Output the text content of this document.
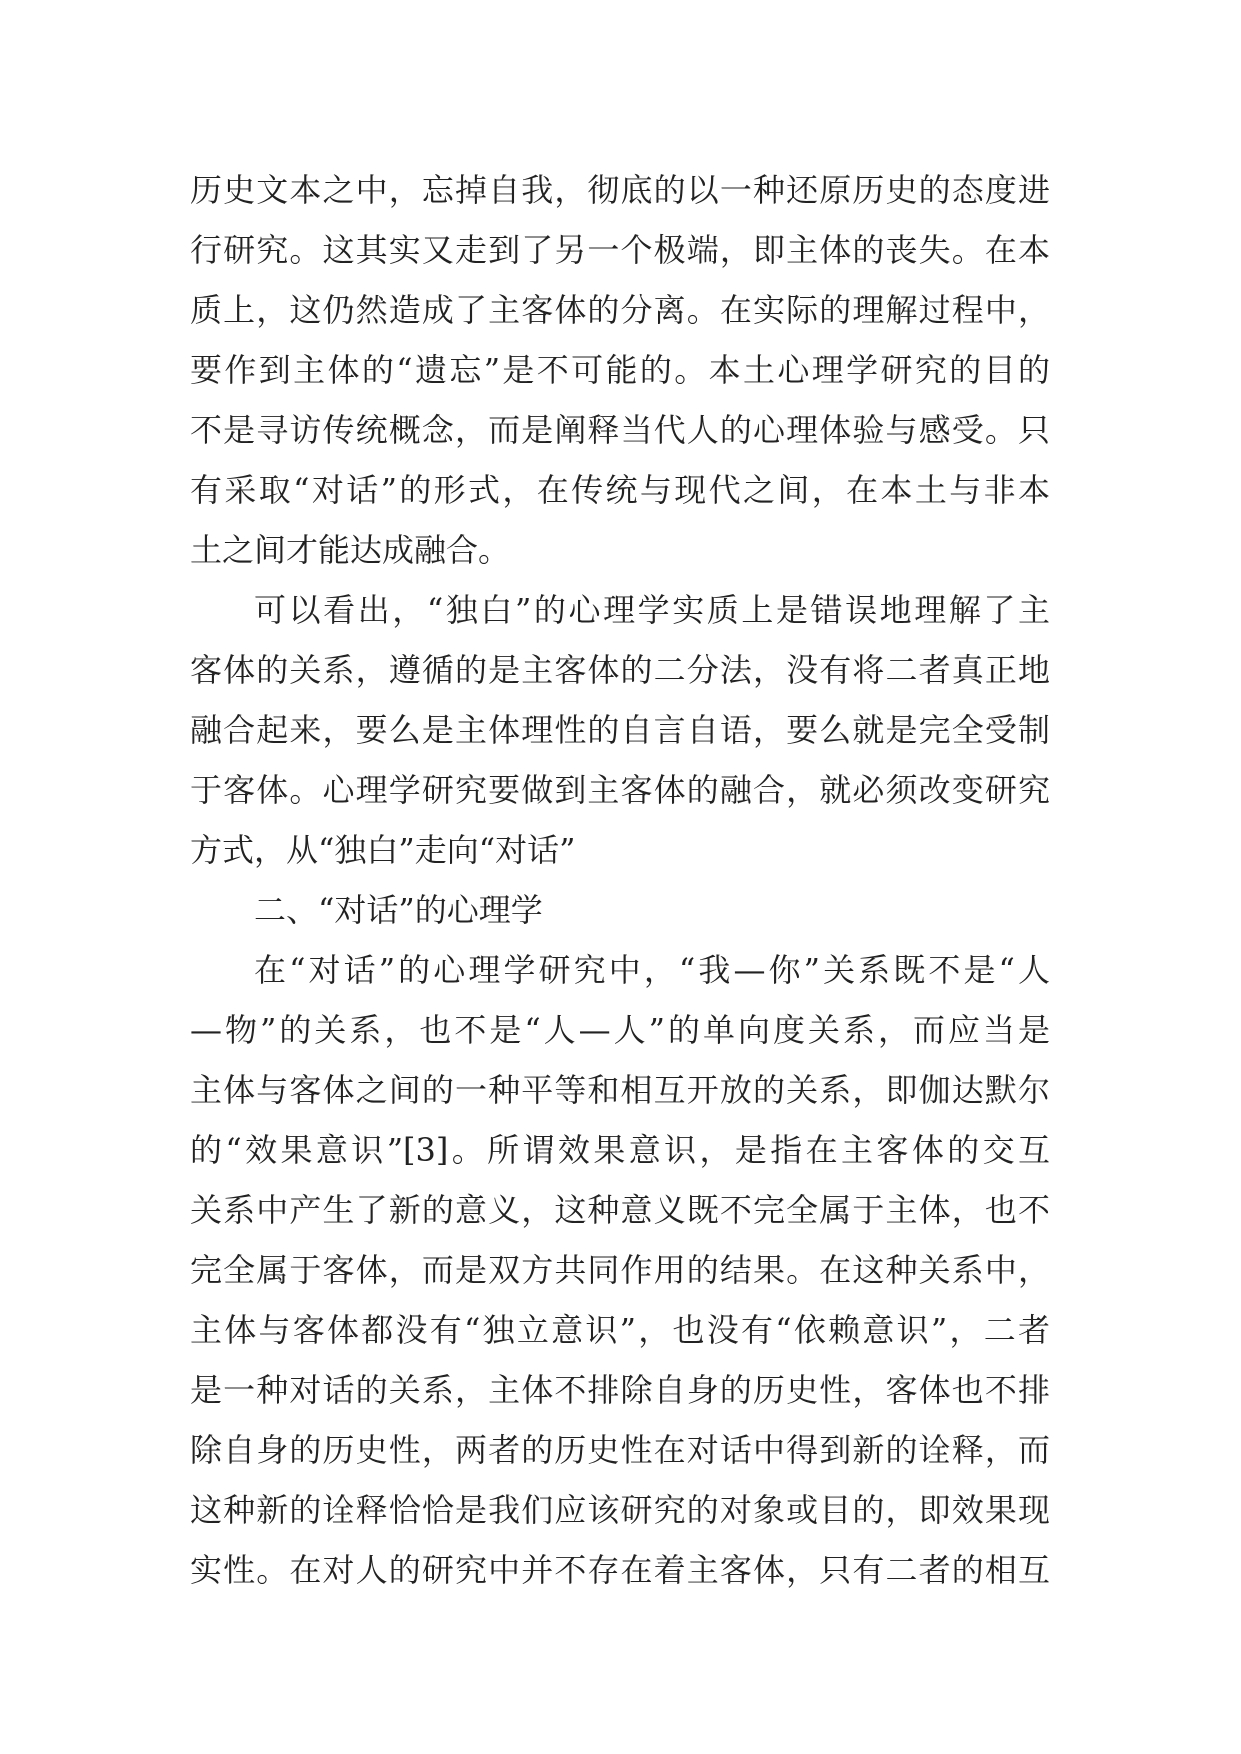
历史文本之中，忘掉自我，彻底的以一种还原历史的态度进
行研究。这其实又走到了另一个极端，即主体的丧失。在本
质上，这仍然造成了主客体的分离。在实际的理解过程中，
要作到主体的“遗忘”是不可能的。本土心理学研究的目的
不是寻访传统概念，而是阐释当代人的心理体验与感受。只
有采取“对话”的形式，在传统与现代之间，在本土与非本
土之间才能达成融合。
可以看出，“独白”的心理学实质上是错误地理解了主
客体的关系，遵循的是主客体的二分法，没有将二者真正地
融合起来，要么是主体理性的自言自语，要么就是完全受制
于客体。心理学研究要做到主客体的融合，就必须改变研究
方式，从“独白”走向“对话”
二、“对话”的心理学
在“对话”的心理学研究中，“我—你”关系既不是“人
—物”的关系，也不是“人—人”的单向度关系，而应当是
主体与客体之间的一种平等和相互开放的关系，即伽达默尔
的“效果意识”[3]。所谓效果意识，是指在主客体的交互
关系中产生了新的意义，这种意义既不完全属于主体，也不
完全属于客体，而是双方共同作用的结果。在这种关系中，
主体与客体都没有“独立意识”，也没有“依赖意识”，二者
是一种对话的关系，主体不排除自身的历史性，客体也不排
除自身的历史性，两者的历史性在对话中得到新的诠释，而
这种新的诠释恰恰是我们应该研究的对象或目的，即效果现
实性。在对人的研究中并不存在着主客体，只有二者的相互
